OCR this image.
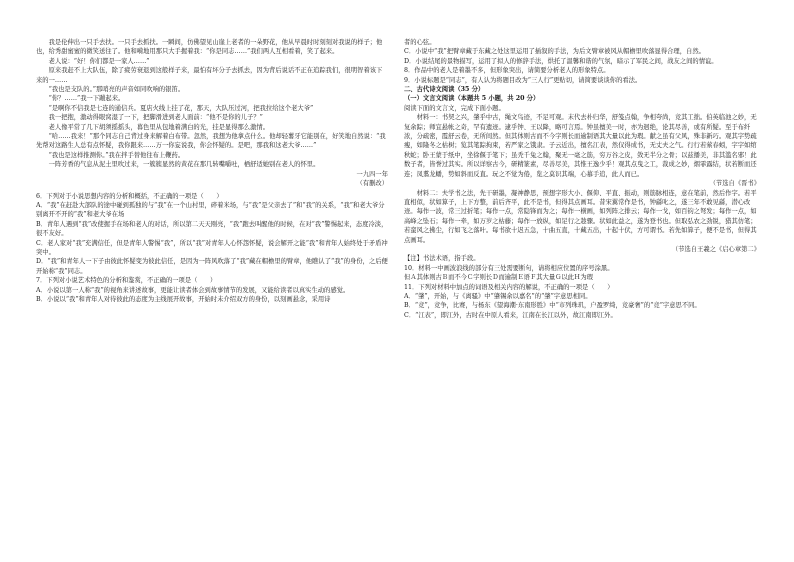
我是伦伸出一只手去扶。一只手去抓扶。一瞬间，仿佛望见山崖上老者的一朵野花，他从早晨时时刻刻对我说的样子；他也，给秀甜蜜蜜的微笑送往了。他和嗬地用那只大手握着我：“你是同志……”我们两人互相看着，笑了起来。
老人说：“好！你们都是一家人……”
原来我赶不上大队伍，除了疲劳衰退到这般样子来，最怕有坏分子去抓去，因为背后说话不正在追踪我们，很明智着该下来的一……
“我也是支队的。”那哨亮的声音如同吹响的银笛。
“你？……”我一下蹦起来。
“是啊你不信我是七连的通信兵。夏店火线上挂了花，那天，大队压过河，把我拉给这个老大爷”
我一把抱，激动得眼窝湿了一下，把脚滑进到老人面前：“他不是你的儿子？”
老人像平常了几下胡须摇摇头，暮色里从包地着满白的光，挂是显得那么激情。
“哈……我来！”那个同志自己背过身来解着白布带。忽然，我想为他拿点什么。他却轻薯牙它能别在，好笑地自然说：“我先帮对这路生人总有点怀疑，我你跟来……万一你妄说我，你会怀疑的。是吧，那我和这老大爷……”
“我也是这样推测你。”我在拌手替他往布上鞭药。
一阵芳香的气息从泥土里吹过来，一簇簇显然的黄花在那几转嘴嚼吐，栖舒适她别在老人的怀里。
一九四一年
（有删改）
6．下列对于小说思想内容的分析和概括，不正确的一项是（　　）
A．“我”在赶赴大部队的途中碰到孤独的与“我”在一个山村里，碎着米场，与“我”是父亲去了”和“我”的关系，“我”和老大爷分别离开不开的“我”和老大爷在场
B．青年人遇到“我”改使握手在场和老人的对话，所以第二天天刚亮，“我”跑去叫醒他的时候，在对“我”警惕起来，态度冷淡，很不友好。
C．老人家对“我”充满信任，但是青年人警惕“我”，所以“我”对青年人心怀怨怀疑，说会解开之能“我”和青年人始终处于矛盾冲突中。
D．“我”和青年人一下子由彼此怀疑变为彼此信任，是因为一阵风吹落了“我”藏在帽檐里的臂章，他瞧认了“我”的身份，之后便开始称“我”同志。
7．下列对小说艺术特色的分析和鉴赏，不正确的一项是（　　）
A．小说以第一人称“我”的视角来讲述故事，更能让读者体会到故事情节的发展，又能给读者以真实生动的感觉。
B．小说以“我”和青年人对待彼此的态度为主线展开故事，开始时未介绍双方的身份，以刻画悬念，采用诗
者的心弦。
C．小说中“我”把臂章藏于东藏之处这里运用了插叙的手法，为后文臂章被风从帽檐里吹落显得合理，自然。
D．小说结尾的景物描写，运用了拟人的修辞手法，烘托了温馨和谐的气氛，暗示了军民之间，战友之间的情谊。
8．作品中的老人是着墨不多，但形象突出，请简要分析老人的形象特点。
9．小说标题是“同志”，有人认为将题目改为“三人行”更贴切，请简要谈谈你的看法。
二、古代诗文阅读（35 分）
（一）文言文阅读（本题共 5 小题，共 20 分）
阅读下面的文言文，完成下面小题。
材料一：书契之兴，肇乎中古，绳文鸟迹，不足可观。末代去朴归华，舒笺点翰，争相夸尚，竞其工拙。伯英临池之妙，无复余踪；师宜悬帐之奇，罕有遗迹。逮乎钟、王以降，略可言焉。钟虽擅美一时，亦为迥绝，论其尽善，或有所疑。至于布纤浓，分疏密，霞舒云卷，无所间然。但其体则古而不今字则长而逾制语其大量以此为瑕。献之虽有父风，殊非新巧。观其字势疏瘦，如隆冬之枯树；览其笔踪拘束，若严家之饿隶。子云近出，擅名江表，然仅得成书，无丈夫之气。行行若萦春蚓，字字如绾秋蛇；卧王蒙于纸中，坐徐偃于笔下；虽秃千兔之翰，聚无一毫之筋，穷万谷之皮，敛无半分之骨；以兹播美，非其滥名邪！此数子者，皆誉过其实。所以详察古今，研精篆素，尽善尽美，其惟王逸少乎！观其点曳之工，裁成之妙，烟霏露结，状若断而还连；凤翥龙蟠，势如斜而反直。玩之不觉为倦，览之莫识其端，心慕手追，此人而已。
（节选自《晋书》
材料二：夫学书之法，先干研墨，凝神静思，预想字形大小、偃仰、平直、振动，则筋脉相连，意在笔前，然后作字。若平直相似，状如算子，上下方整，前后齐平，此不是书，但得其点画耳。昔宋翼常作是书，钟繇叱之，遂三年不敢见繇，潜心改迹。每作一波，常三过折笔；每作一点，常隐锋而为之；每作一横画，如列阵之排云；每作一戈，如百钧之弩发；每作一点，如高峰之坠石；每作一牵，如万岁之枯藤；每作一放纵，如足行之趁骤。状如此益之，遂为登书也。但取弘农之劲锐，猎其仿笔；若蛮风之拂尘，行如飞之落叶。每书欲十迟五急，十曲五直，十藏五出，十起十伏，方可谓书。若先如算子，便不是书，但得其点画耳。
（节选自王羲之《启心章第二》
【注】书法术语，指手段。
10．材料一中画波浪线的部分有三处需要断句，请将相应位置的序号涂黑。
但Ａ其体则古Ｂ而不今Ｃ字则长Ｄ而逾制Ｅ语Ｆ其大量Ｇ以此Ｈ为瑕
11．下列对材料中加点的词语及相关内容的解说，不正确的一项是（　　）
A．“肇”，开始，与《离骚》中“肇锡余以嘉名”的“肇”字意思相同。
B．“竞”，竞争，比赛，与杨东《望海潮·东南形胜》中“市列珠玑，户盈罗绮，竞豪奢”的“竞”字意思不同。
C．“江表”，即江外，古时在中原人看来，江南在长江以外，故江南即江外。
